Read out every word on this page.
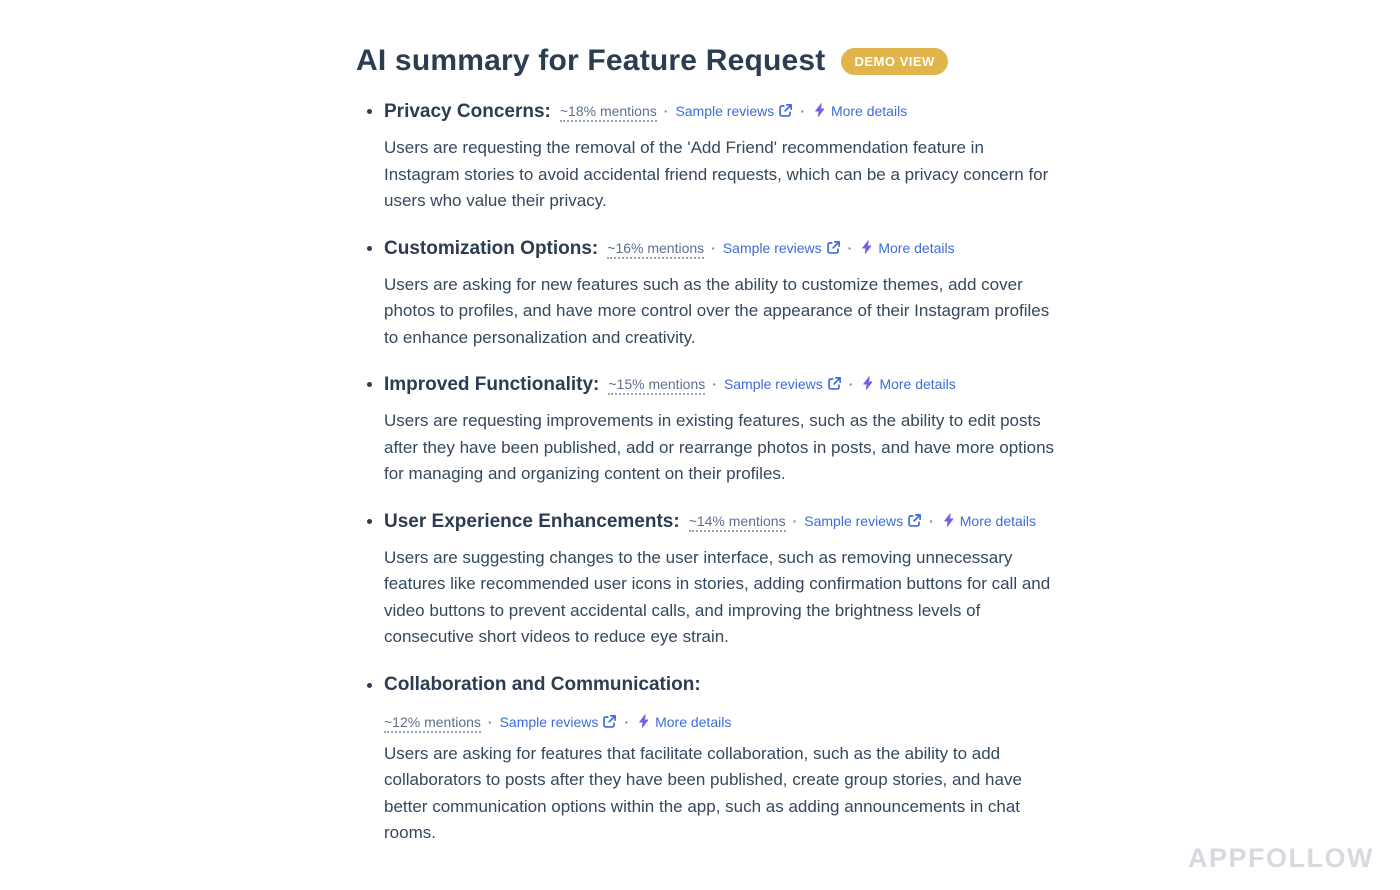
AI summary for Feature Request	DEMO VIEW
• Privacy Concerns: ~18% mentions · Sample reviews · More details

Users are requesting the removal of the 'Add Friend' recommendation feature in Instagram stories to avoid accidental friend requests, which can be a privacy concern for users who value their privacy.

• Customization Options: ~16% mentions · Sample reviews · More details

Users are asking for new features such as the ability to customize themes, add cover photos to profiles, and have more control over the appearance of their Instagram profiles to enhance personalization and creativity.

• Improved Functionality: ~15% mentions · Sample reviews · More details

Users are requesting improvements in existing features, such as the ability to edit posts after they have been published, add or rearrange photos in posts, and have more options for managing and organizing content on their profiles.

• User Experience Enhancements: ~14% mentions · Sample reviews · More details

Users are suggesting changes to the user interface, such as removing unnecessary features like recommended user icons in stories, adding confirmation buttons for call and video buttons to prevent accidental calls, and improving the brightness levels of consecutive short videos to reduce eye strain.

• Collaboration and Communication:
~12% mentions · Sample reviews · More details

Users are asking for features that facilitate collaboration, such as the ability to add collaborators to posts after they have been published, create group stories, and have better communication options within the app, such as adding announcements in chat rooms.

APPFOLLOW
